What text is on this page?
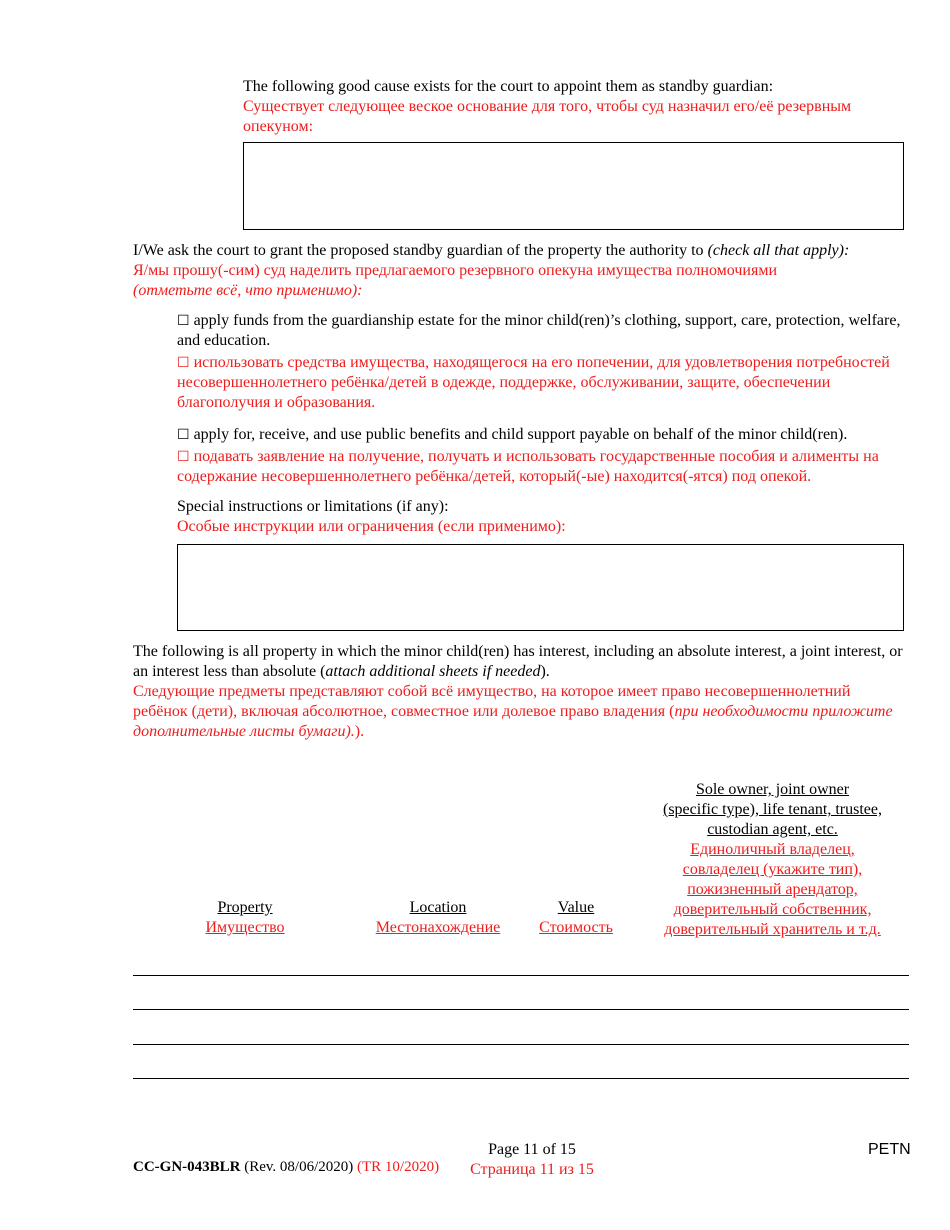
The following good cause exists for the court to appoint them as standby guardian:
Существует следующее веское основание для того, чтобы суд назначил его/её резервным опекуном:
I/We ask the court to grant the proposed standby guardian of the property the authority to (check all that apply):
Я/мы прошу(-сим) суд наделить предлагаемого резервного опекуна имущества полномочиями
(отметьте всё, что применимо):
☐ apply funds from the guardianship estate for the minor child(ren)’s clothing, support, care, protection, welfare, and education.
☐ использовать средства имущества, находящегося на его попечении, для удовлетворения потребностей несовершеннолетнего ребёнка/детей в одежде, поддержке, обслуживании, защите, обеспечении благополучия и образования.
☐ apply for, receive, and use public benefits and child support payable on behalf of the minor child(ren).
☐ подавать заявление на получение, получать и использовать государственные пособия и алименты на содержание несовершеннолетнего ребёнка/детей, который(-ые) находится(-ятся) под опекой.
Special instructions or limitations (if any):
Особые инструкции или ограничения (если применимо):
The following is all property in which the minor child(ren) has interest, including an absolute interest, a joint interest, or an interest less than absolute (attach additional sheets if needed).
Следующие предметы представляют собой всё имущество, на которое имеет право несовершеннолетний ребёнок (дети), включая абсолютное, совместное или долевое право владения (при необходимости приложите дополнительные листы бумаги).).
Property
Имущество
Location
Местонахождение
Value
Стоимость
Sole owner, joint owner
(specific type), life tenant, trustee,
custodian agent, etc.
Единоличный владелец,
совладелец (укажите тип),
пожизненный арендатор,
доверительный собственник,
доверительный хранитель и т.д.
CC-GN-043BLR (Rev. 08/06/2020) (TR 10/2020)
Page 11 of 15
Страница 11 из 15
PETN
